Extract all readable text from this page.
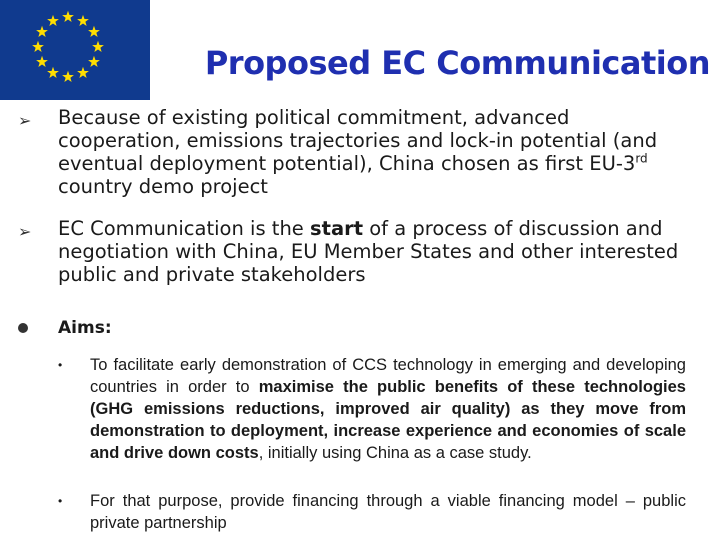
Proposed EC Communication
➢ Because of existing political commitment, advanced cooperation, emissions trajectories and lock-in potential (and eventual deployment potential), China chosen as first EU-3rd country demo project
➢ EC Communication is the start of a process of discussion and negotiation with China, EU Member States and other interested public and private stakeholders
Aims:
• To facilitate early demonstration of CCS technology in emerging and developing countries in order to maximise the public benefits of these technologies (GHG emissions reductions, improved air quality) as they move from demonstration to deployment, increase experience and economies of scale and drive down costs, initially using China as a case study.
• For that purpose, provide financing through a viable financing model – public private partnership
